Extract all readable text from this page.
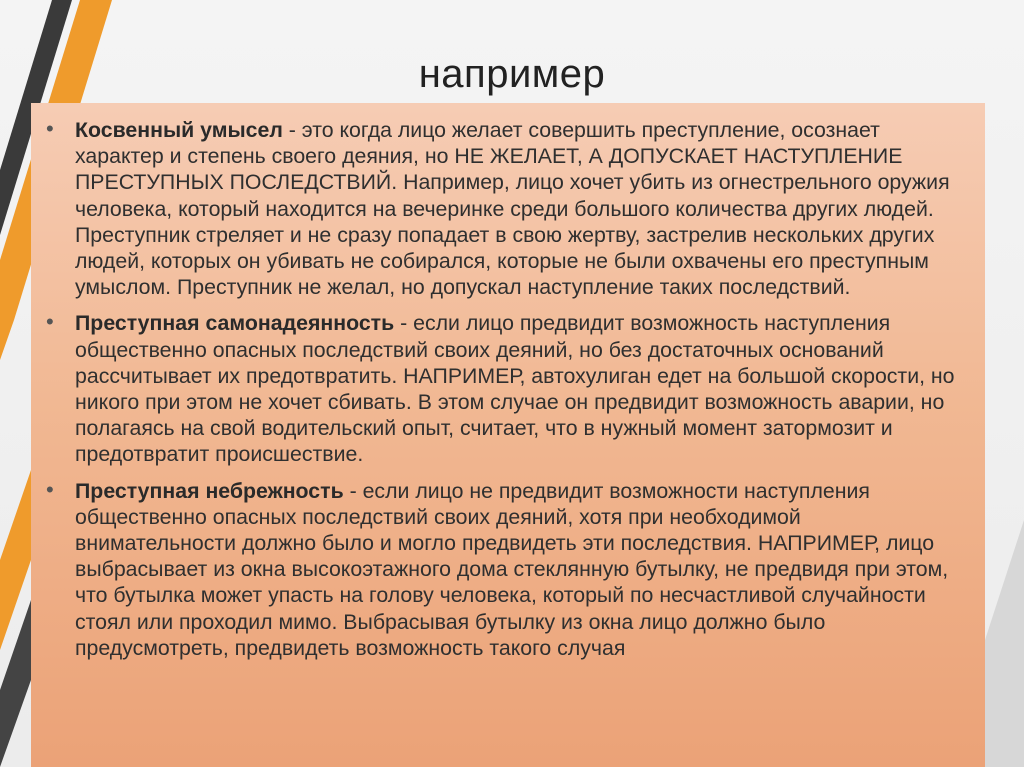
например
• Косвенный умысел - это когда лицо желает совершить преступление, осознает характер и степень своего деяния, но НЕ ЖЕЛАЕТ, А ДОПУСКАЕТ НАСТУПЛЕНИЕ ПРЕСТУПНЫХ ПОСЛЕДСТВИЙ. Например, лицо хочет убить из огнестрельного оружия человека, который находится на вечеринке среди большого количества других людей. Преступник стреляет и не сразу попадает в свою жертву, застрелив нескольких других людей, которых он убивать не собирался, которые не были охвачены его преступным умыслом. Преступник не желал, но допускал наступление таких последствий.
• Преступная самонадеянность - если лицо предвидит возможность наступления общественно опасных последствий своих деяний, но без достаточных оснований рассчитывает их предотвратить. НАПРИМЕР, автохулиган едет на большой скорости, но никого при этом не хочет сбивать. В этом случае он предвидит возможность аварии, но полагаясь на свой водительский опыт, считает, что в нужный момент затормозит и предотвратит происшествие.
• Преступная небрежность - если лицо не предвидит возможности наступления общественно опасных последствий своих деяний, хотя при необходимой внимательности должно было и могло предвидеть эти последствия. НАПРИМЕР, лицо выбрасывает из окна высокоэтажного дома стеклянную бутылку, не предвидя при этом, что бутылка может упасть на голову человека, который по несчастливой случайности стоял или проходил мимо. Выбрасывая бутылку из окна лицо должно было предусмотреть, предвидеть возможность такого случая
